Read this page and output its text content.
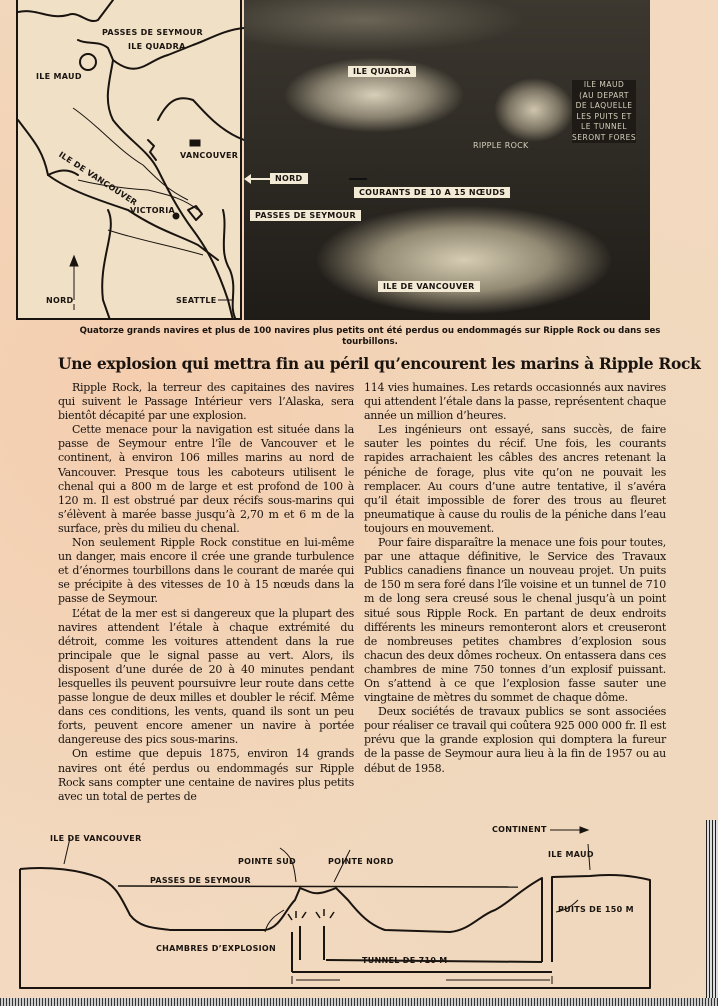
PASSES DE SEYMOUR
ILE QUADRA
ILE MAUD
ILE DE VANCOUVER	VANCOUVER
VICTORIA
NORD	SEATTLE
ILE QUADRA
ILE MAUD
(AU DEPART
DE LAQUELLE
LES PUITS ET
LE TUNNEL
SERONT FORES
RIPPLE ROCK
NORD
COURANTS DE 10 A 15 NŒUDS
PASSES DE SEYMOUR
ILE DE VANCOUVER
Quatorze grands navires et plus de 100 navires plus petits ont été perdus ou endommagés sur Ripple Rock ou dans ses tourbillons.
Une explosion qui mettra fin au péril qu’encourent les marins à Ripple Rock

Ripple Rock, la terreur des capitaines des navires qui suivent le Passage Intérieur vers l’Alaska, sera bientôt décapité par une explosion.

Cette menace pour la navigation est située dans la passe de Seymour entre l’île de Vancouver et le continent, à environ 106 milles marins au nord de Vancouver. Presque tous les caboteurs utilisent le chenal qui a 800 m de large et est profond de 100 à 120 m. Il est obstrué par deux récifs sous-marins qui s’élèvent à marée basse jusqu’à 2,70 m et 6 m de la surface, près du milieu du chenal.

Non seulement Ripple Rock constitue en lui-même un danger, mais encore il crée une grande turbulence et d’énormes tourbillons dans le courant de marée qui se précipite à des vitesses de 10 à 15 nœuds dans la passe de Seymour.

L’état de la mer est si dangereux que la plupart des navires attendent l’étale à chaque extrémité du détroit, comme les voitures attendent dans la rue principale que le signal passe au vert. Alors, ils disposent d’une durée de 20 à 40 minutes pendant lesquelles ils peuvent poursuivre leur route dans cette passe longue de deux milles et doubler le récif. Même dans ces conditions, les vents, quand ils sont un peu forts, peuvent encore amener un navire à portée dangereuse des pics sous-marins.

On estime que depuis 1875, environ 14 grands navires ont été perdus ou endommagés sur Ripple Rock sans compter une centaine de navires plus petits avec un total de pertes de

114 vies humaines. Les retards occasionnés aux navires qui attendent l’étale dans la passe, représentent chaque année un million d’heures.

Les ingénieurs ont essayé, sans succès, de faire sauter les pointes du récif. Une fois, les courants rapides arrachaient les câbles des ancres retenant la péniche de forage, plus vite qu’on ne pouvait les remplacer. Au cours d’une autre tentative, il s’avéra qu’il était impossible de forer des trous au fleuret pneumatique à cause du roulis de la péniche dans l’eau toujours en mouvement.

Pour faire disparaître la menace une fois pour toutes, par une attaque définitive, le Service des Travaux Publics canadiens finance un nouveau projet. Un puits de 150 m sera foré dans l’île voisine et un tunnel de 710 m de long sera creusé sous le chenal jusqu’à un point situé sous Ripple Rock. En partant de deux endroits différents les mineurs remonteront alors et creuseront de nombreuses petites chambres d’explosion sous chacun des deux dômes rocheux. On entassera dans ces chambres de mine 750 tonnes d’un explosif puissant. On s’attend à ce que l’explosion fasse sauter une vingtaine de mètres du sommet de chaque dôme.

Deux sociétés de travaux publics se sont associées pour réaliser ce travail qui coûtera 925 000 000 fr. Il est prévu que la grande explosion qui domptera la fureur de la passe de Seymour aura lieu à la fin de 1957 ou au début de 1958.

ILE DE VANCOUVER
CONTINENT
POINTE SUD	POINTE NORD
ILE MAUD
PASSES DE SEYMOUR
PUITS DE 150 M
CHAMBRES D’EXPLOSION
TUNNEL DE 710 M
